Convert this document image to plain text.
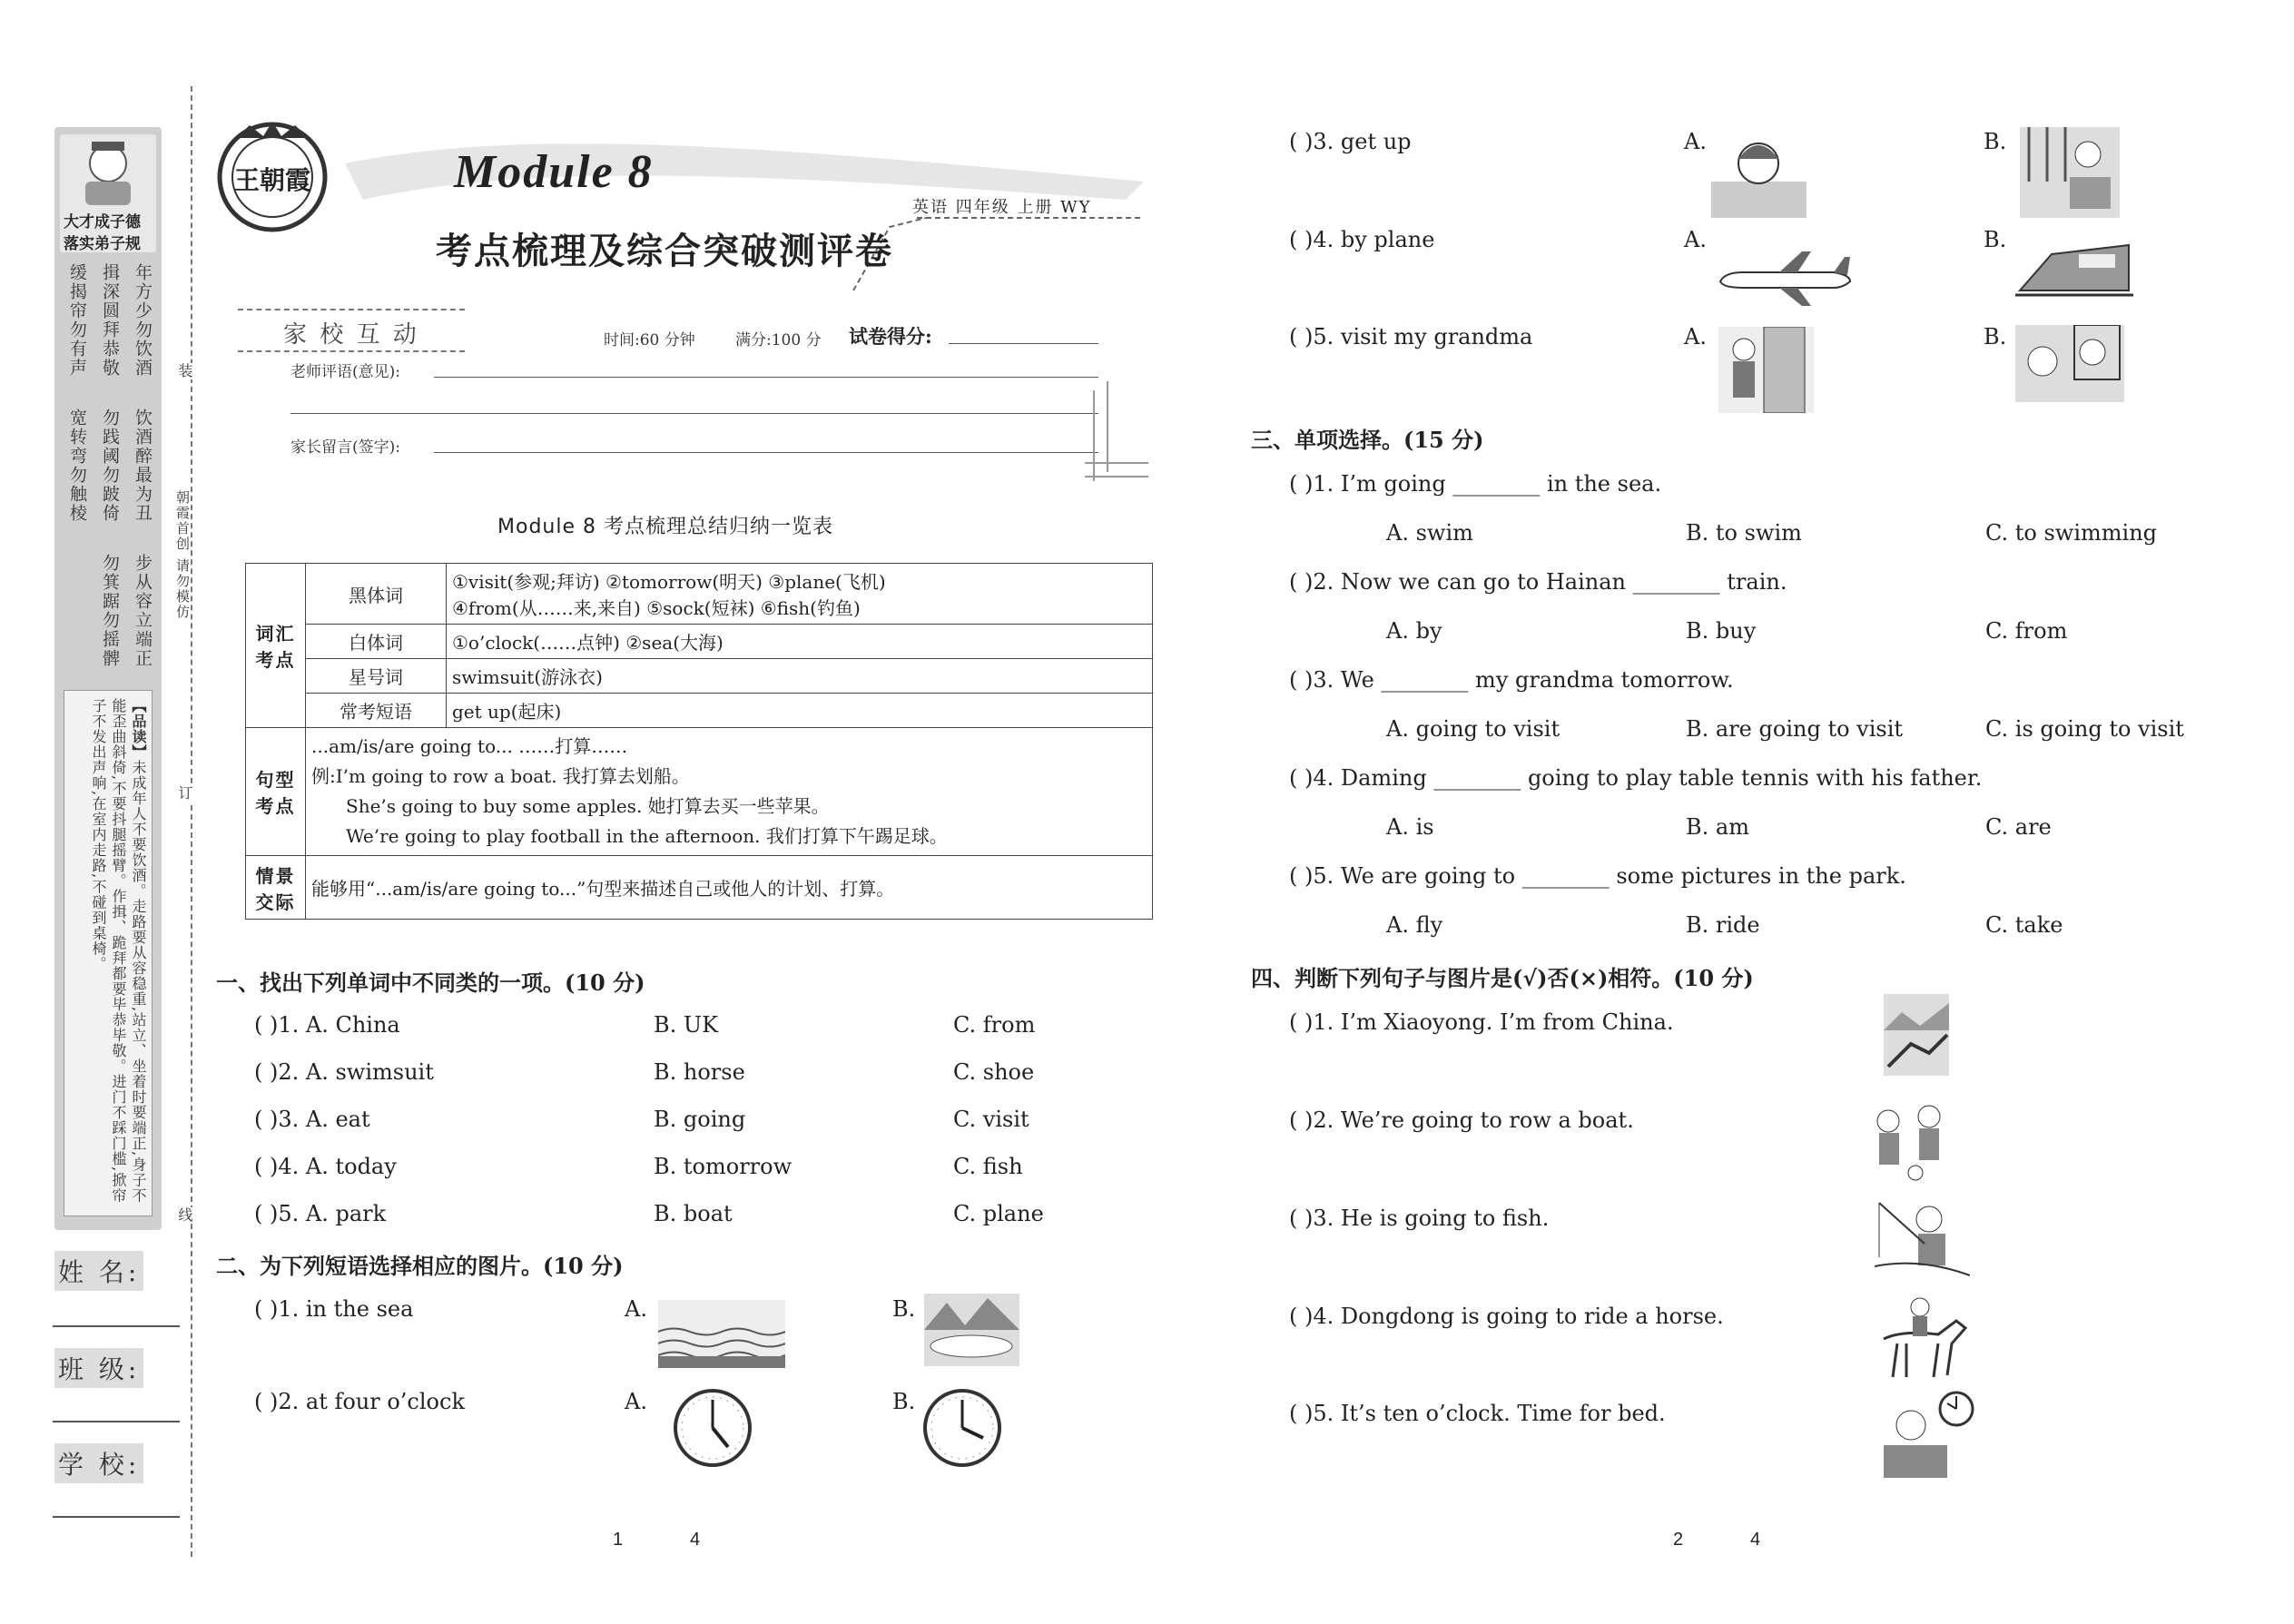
大才成子德
落实弟子规
年方少勿饮酒
饮酒醉最为丑
步从容立端正
揖深圆拜恭敬
勿践阈勿跛倚
勿箕踞勿摇髀
缓揭帘勿有声
宽转弯勿触棱
【品读】未成年人不要饮酒。走路要从容稳重,站立、坐着时要端正,身子不能歪曲斜倚,不要抖腿摇臂。作揖、跪拜都要毕恭毕敬。进门不踩门槛,掀帘子不发出声响,在室内走路,不碰到桌椅。
装
订
线
朝霞首创 请勿模仿
姓 名:
班 级:
学 校:
王朝霞	Module 8
考点梳理及综合突破测评卷
英语 四年级 上册 WY
家 校 互 动	时间:60 分钟	满分:100 分 试卷得分:
老师评语(意见):
家长留言(签字):
Module 8 考点梳理总结归纳一览表
词汇考点	黑体词	①visit(参观;拜访) ②tomorrow(明天) ③plane(飞机)
④from(从……来,来自) ⑤sock(短袜) ⑥fish(钓鱼)

	白体词	①o’clock(……点钟) ②sea(大海)
	星号词	swimsuit(游泳衣)
	常考短语	get up(起床)
句型考点	...am/is/are going to... ……打算……
例:I’m going to row a boat. 我打算去划船。
She’s going to buy some apples. 她打算去买一些苹果。
We’re going to play football in the afternoon. 我们打算下午踢足球。	

情景交际	能够用“...am/is/are going to...”句型来描述自己或他人的计划、打算。	
一、找出下列单词中不同类的一项。(10 分)
( )1. A. China	B. UK	C. from
( )2. A. swimsuit	B. horse	C. shoe
( )3. A. eat	B. going	C. visit
( )4. A. today	B. tomorrow	C. fish
( )5. A. park	B. boat	C. plane
二、为下列短语选择相应的图片。(10 分)
( )1. in the sea	A.	B.
( )2. at four o’clock	A.	B.
1	4
( )3. get up	A.	B.
( )4. by plane	A.	B.
( )5. visit my grandma	A.	B.
三、单项选择。(15 分)
( )1. I’m going ________ in the sea.
A. swim	B. to swim	C. to swimming
( )2. Now we can go to Hainan ________ train.
A. by	B. buy	C. from
( )3. We ________ my grandma tomorrow.
A. going to visit	B. are going to visit	C. is going to visit
( )4. Daming ________ going to play table tennis with his father.
A. is	B. am	C. are
( )5. We are going to ________ some pictures in the park.
A. fly	B. ride	C. take
四、判断下列句子与图片是(√)否(×)相符。(10 分)
( )1. I’m Xiaoyong. I’m from China.
( )2. We’re going to row a boat.
( )3. He is going to fish.
( )4. Dongdong is going to ride a horse.
( )5. It’s ten o’clock. Time for bed.
2	4
